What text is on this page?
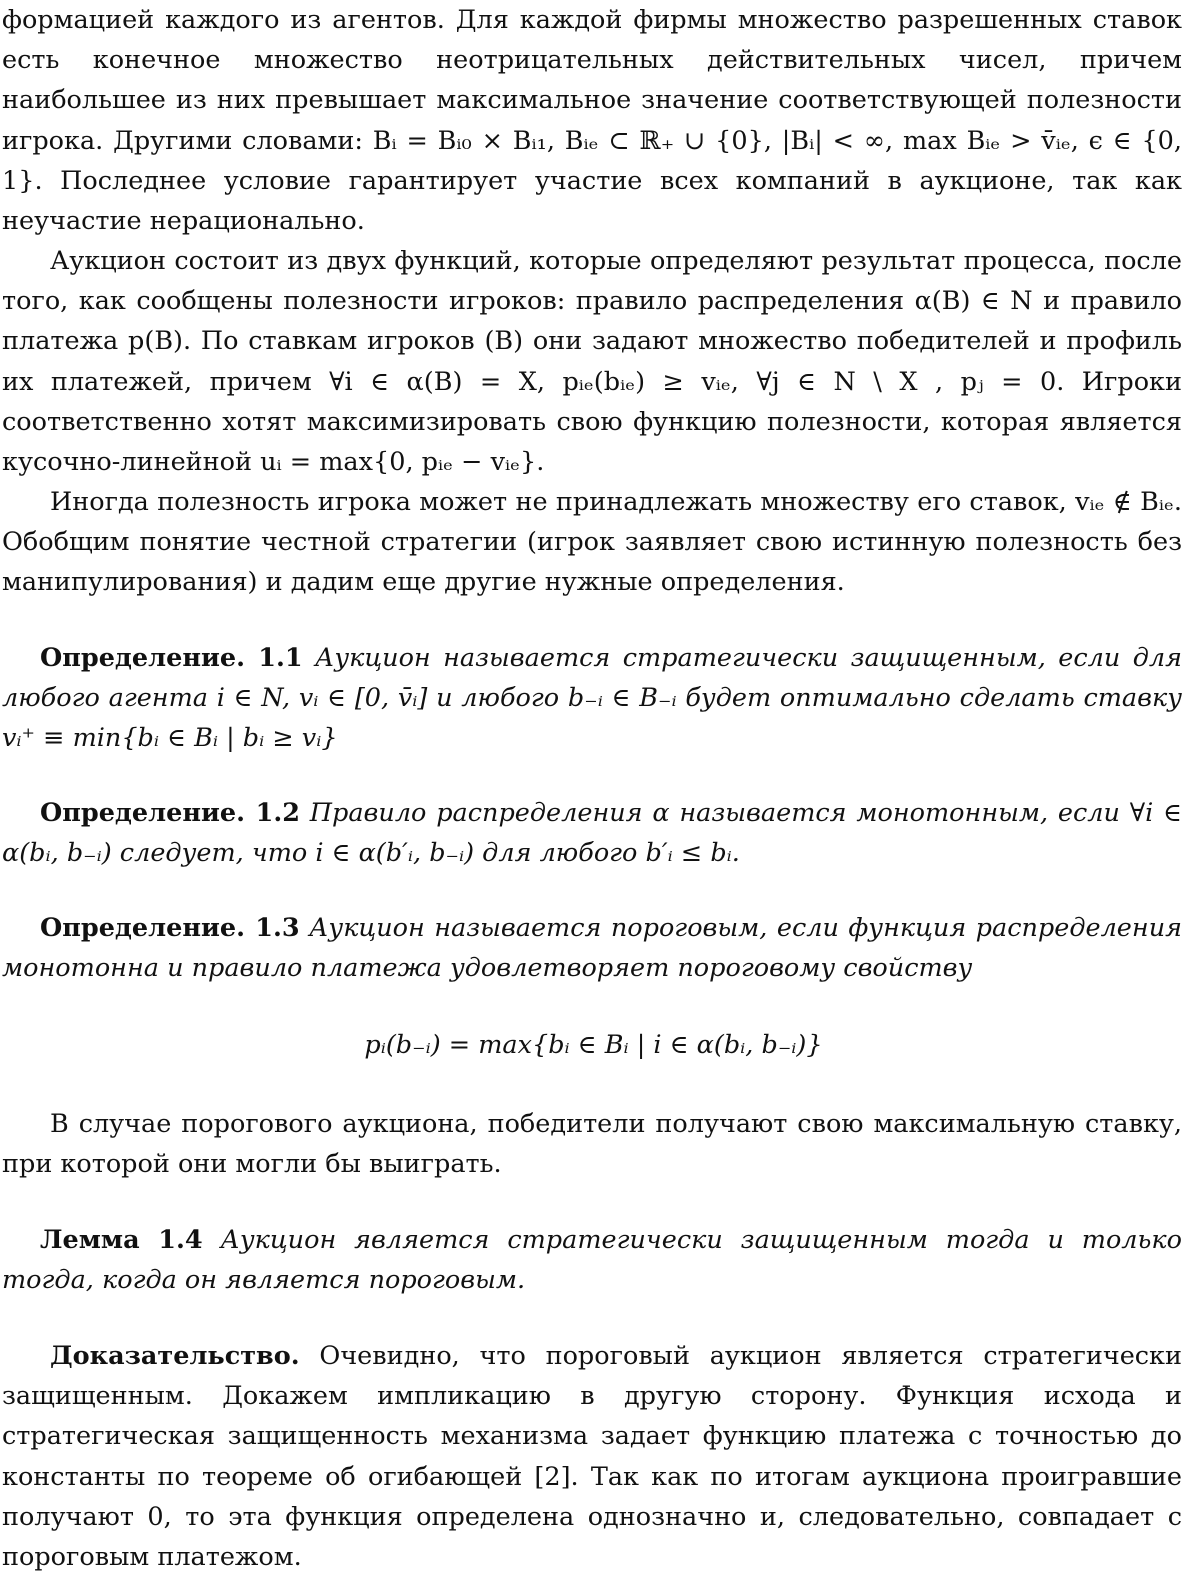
формацией каждого из агентов. Для каждой фирмы множество разрешенных ставок есть конечное множество неотрицательных действительных чисел, причем наибольшее из них превышает максимальное значение соответствующей полезности игрока. Другими словами: Bᵢ = Bᵢ₀ × Bᵢ₁, Bᵢₑ ⊂ ℝ₊ ∪ {0}, |Bᵢ| < ∞, max Bᵢₑ > v̄ᵢₑ, ϵ ∈ {0, 1}. Последнее условие гарантирует участие всех компаний в аукционе, так как неучастие нерационально.

Аукцион состоит из двух функций, которые определяют результат процесса, после того, как сообщены полезности игроков: правило распределения α(B) ∈ N и правило платежа p(B). По ставкам игроков (B) они задают множество победителей и профиль их платежей, причем ∀i ∈ α(B) = X, pᵢₑ(bᵢₑ) ≥ vᵢₑ, ∀j ∈ N \ X , pⱼ = 0. Игроки соответственно хотят максимизировать свою функцию полезности, которая является кусочно-линейной uᵢ = max{0, pᵢₑ − vᵢₑ}.

Иногда полезность игрока может не принадлежать множеству его ставок, vᵢₑ ∉ Bᵢₑ. Обобщим понятие честной стратегии (игрок заявляет свою истинную полезность без манипулирования) и дадим еще другие нужные определения.

Определение. 1.1 Аукцион называется стратегически защищенным, если для любого агента i ∈ N, vᵢ ∈ [0, v̄ᵢ] и любого b₋ᵢ ∈ B₋ᵢ будет оптимально сделать ставку vᵢ⁺ ≡ min{bᵢ ∈ Bᵢ | bᵢ ≥ vᵢ}

Определение. 1.2 Правило распределения α называется монотонным, если ∀i ∈ α(bᵢ, b₋ᵢ) следует, что i ∈ α(b′ᵢ, b₋ᵢ) для любого b′ᵢ ≤ bᵢ.

Определение. 1.3 Аукцион называется пороговым, если функция распределения монотонна и правило платежа удовлетворяет пороговому свойству

pᵢ(b₋ᵢ) = max{bᵢ ∈ Bᵢ | i ∈ α(bᵢ, b₋ᵢ)}

В случае порогового аукциона, победители получают свою максимальную ставку, при которой они могли бы выиграть.

Лемма 1.4 Аукцион является стратегически защищенным тогда и только тогда, когда он является пороговым.

Доказательство. Очевидно, что пороговый аукцион является стратегически защищенным. Докажем импликацию в другую сторону. Функция исхода и стратегическая защищенность механизма задает функцию платежа с точностью до константы по теореме об огибающей [2]. Так как по итогам аукциона проигравшие получают 0, то эта функция определена однозначно и, следовательно, совпадает с пороговым платежом.
